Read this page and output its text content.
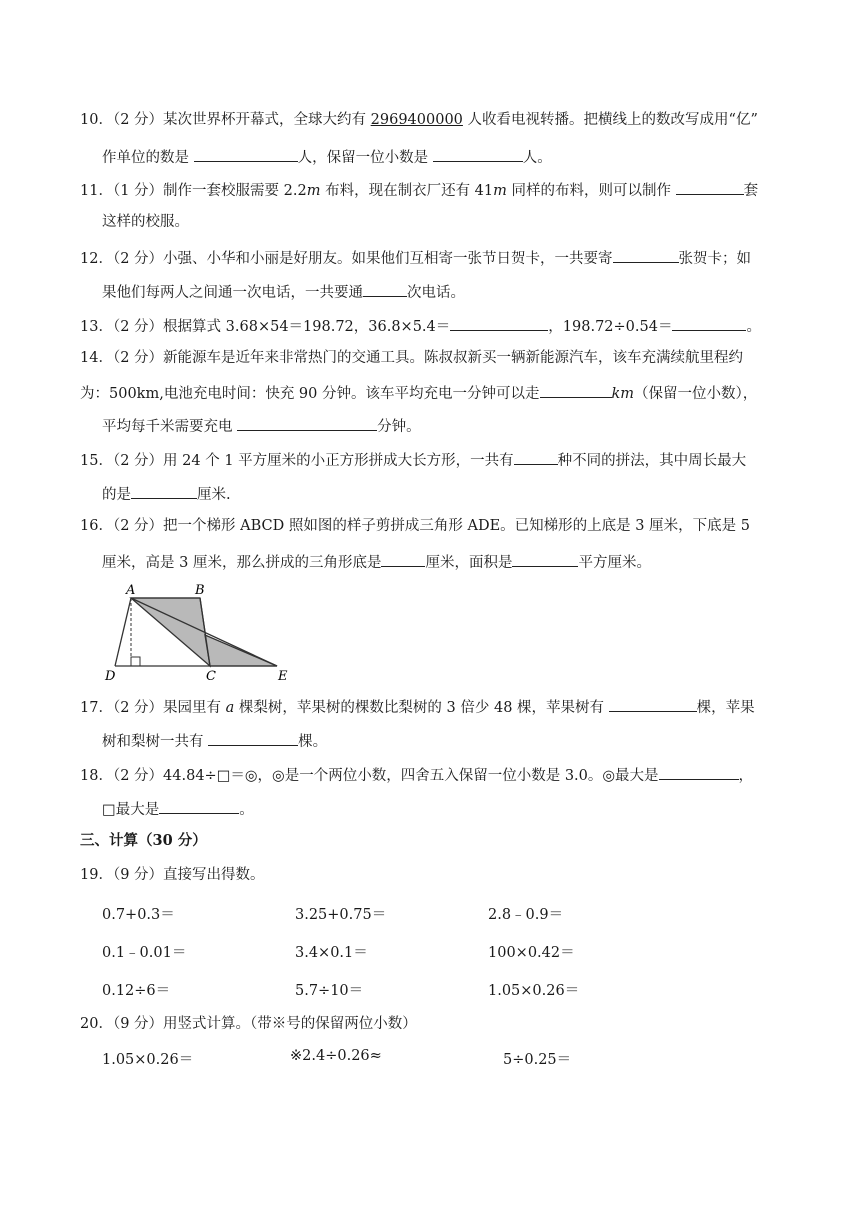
10．（2 分）某次世界杯开幕式，全球大约有 2969400000 人收看电视转播。把横线上的数改写成用“亿”
作单位的数是	人，保留一位小数是	人。
11．（1 分）制作一套校服需要 2.2m 布料，现在制衣厂还有 41m 同样的布料，则可以制作	套
这样的校服。
12．（2 分）小强、小华和小丽是好朋友。如果他们互相寄一张节日贺卡，一共要寄	张贺卡；如
果他们每两人之间通一次电话，一共要通	次电话。
13．（2 分）根据算式 3.68×54＝198.72，36.8×5.4＝	，198.72÷0.54＝	。
14．（2 分）新能源车是近年来非常热门的交通工具。陈叔叔新买一辆新能源汽车，该车充满续航里程约
为：500km,电池充电时间：快充 90 分钟。该车平均充电一分钟可以走	km（保留一位小数），
平均每千米需要充电	分钟。
15．（2 分）用 24 个 1 平方厘米的小正方形拼成大长方形，一共有	种不同的拼法，其中周长最大
的是	厘米.
16．（2 分）把一个梯形 ABCD 照如图的样子剪拼成三角形 ADE。已知梯形的上底是 3 厘米，下底是 5
厘米，高是 3 厘米，那么拼成的三角形底是	厘米，面积是	平方厘米。
A	B
C
D	E
17．（2 分）果园里有 a 棵梨树，苹果树的棵数比梨树的 3 倍少 48 棵，苹果树有	棵，苹果
树和梨树一共有	棵。
18．（2 分）44.84÷□＝◎，◎是一个两位小数，四舍五入保留一位小数是 3.0。◎最大是	，
□最大是	。
三、计算（30 分）
19．（9 分）直接写出得数。
0.7+0.3＝	3.25+0.75＝	2.8﹣0.9＝
0.1﹣0.01＝	3.4×0.1＝	100×0.42＝
0.12÷6＝	5.7÷10＝	1.05×0.26＝
20．（9 分）用竖式计算。（带※号的保留两位小数）
1.05×0.26＝	※2.4÷0.26≈	5÷0.25＝
